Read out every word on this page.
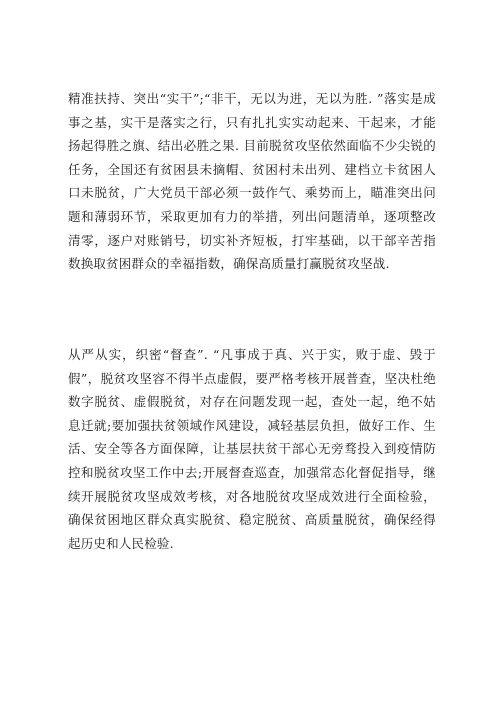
精准扶持、突出“实干”;“非干，无以为进，无以为胜. ”落实是成事之基，实干是落实之行，只有扎扎实实动起来、干起来，才能扬起得胜之旗、结出必胜之果. 目前脱贫攻坚依然面临不少尖锐的任务，全国还有贫困县未摘帽、贫困村未出列、建档立卡贫困人口未脱贫，广大党员干部必须一鼓作气、乘势而上，瞄准突出问题和薄弱环节，采取更加有力的举措，列出问题清单，逐项整改清零，逐户对账销号，切实补齐短板，打牢基础，以干部辛苦指数换取贫困群众的幸福指数，确保高质量打赢脱贫攻坚战.

从严从实，织密“督查”. “凡事成于真、兴于实，败于虚、毁于假”，脱贫攻坚容不得半点虚假，要严格考核开展普查，坚决杜绝数字脱贫、虚假脱贫，对存在问题发现一起，查处一起，绝不姑息迁就;要加强扶贫领域作风建设，减轻基层负担，做好工作、生活、安全等各方面保障，让基层扶贫干部心无旁骛投入到疫情防控和脱贫攻坚工作中去;开展督查巡查，加强常态化督促指导，继续开展脱贫攻坚成效考核，对各地脱贫攻坚成效进行全面检验，确保贫困地区群众真实脱贫、稳定脱贫、高质量脱贫，确保经得起历史和人民检验.
